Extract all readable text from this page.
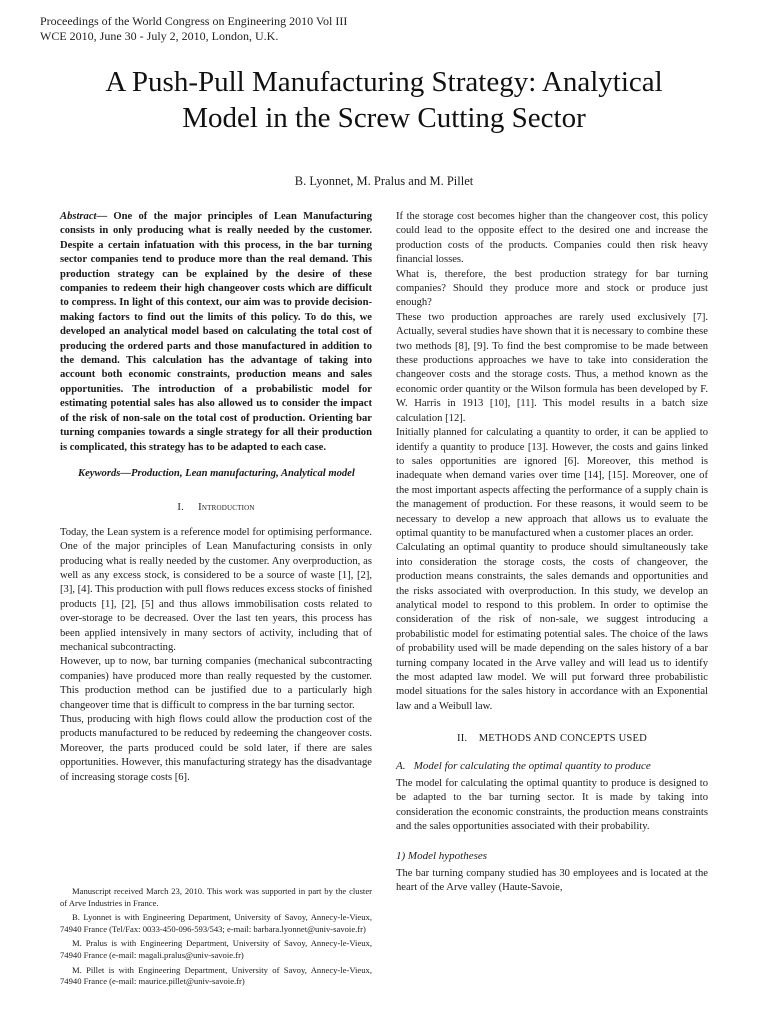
Proceedings of the World Congress on Engineering 2010 Vol III
WCE 2010, June 30 - July 2, 2010, London, U.K.
A Push-Pull Manufacturing Strategy: Analytical
Model in the Screw Cutting Sector
B. Lyonnet, M. Pralus and M. Pillet

Abstract— One of the major principles of Lean Manufacturing consists in only producing what is really needed by the customer. Despite a certain infatuation with this process, in the bar turning sector companies tend to produce more than the real demand. This production strategy can be explained by the desire of these companies to redeem their high changeover costs which are difficult to compress. In light of this context, our aim was to provide decision-making factors to find out the limits of this policy. To do this, we developed an analytical model based on calculating the total cost of producing the ordered parts and those manufactured in addition to the demand. This calculation has the advantage of taking into account both economic constraints, production means and sales opportunities. The introduction of a probabilistic model for estimating potential sales has also allowed us to consider the impact of the risk of non-sale on the total cost of production. Orienting bar turning companies towards a single strategy for all their production is complicated, this strategy has to be adapted to each case.

Keywords—Production, Lean manufacturing, Analytical model

I. Introduction

Today, the Lean system is a reference model for optimising performance. One of the major principles of Lean Manufacturing consists in only producing what is really needed by the customer. Any overproduction, as well as any excess stock, is considered to be a source of waste [1], [2], [3], [4]. This production with pull flows reduces excess stocks of finished products [1], [2], [5] and thus allows immobilisation costs related to over-storage to be decreased. Over the last ten years, this process has been applied intensively in many sectors of activity, including that of mechanical subcontracting.

However, up to now, bar turning companies (mechanical subcontracting companies) have produced more than really requested by the customer. This production method can be justified due to a particularly high changeover time that is difficult to compress in the bar turning sector.

Thus, producing with high flows could allow the production cost of the products manufactured to be reduced by redeeming the changeover costs. Moreover, the parts produced could be sold later, if there are sales opportunities. However, this manufacturing strategy has the disadvantage of increasing storage costs [6].

Manuscript received March 23, 2010. This work was supported in part by the cluster of Arve Industries in France.

B. Lyonnet is with Engineering Department, University of Savoy, Annecy-le-Vieux, 74940 France (Tel/Fax: 0033-450-096-593/543; e-mail: barbara.lyonnet@univ-savoie.fr)

M. Pralus is with Engineering Department, University of Savoy, Annecy-le-Vieux, 74940 France (e-mail: magali.pralus@univ-savoie.fr)

M. Pillet is with Engineering Department, University of Savoy, Annecy-le-Vieux, 74940 France (e-mail: maurice.pillet@univ-savoie.fr)

If the storage cost becomes higher than the changeover cost, this policy could lead to the opposite effect to the desired one and increase the production costs of the products. Companies could then risk heavy financial losses.

What is, therefore, the best production strategy for bar turning companies? Should they produce more and stock or produce just enough?

These two production approaches are rarely used exclusively [7]. Actually, several studies have shown that it is necessary to combine these two methods [8], [9]. To find the best compromise to be made between these productions approaches we have to take into consideration the changeover costs and the storage costs. Thus, a method known as the economic order quantity or the Wilson formula has been developed by F. W. Harris in 1913 [10], [11]. This model results in a batch size calculation [12].

Initially planned for calculating a quantity to order, it can be applied to identify a quantity to produce [13]. However, the costs and gains linked to sales opportunities are ignored [6]. Moreover, this method is inadequate when demand varies over time [14], [15]. Moreover, one of the most important aspects affecting the performance of a supply chain is the management of production. For these reasons, it would seem to be necessary to develop a new approach that allows us to evaluate the optimal quantity to be manufactured when a customer places an order.

Calculating an optimal quantity to produce should simultaneously take into consideration the storage costs, the costs of changeover, the production means constraints, the sales demands and opportunities and the risks associated with overproduction. In this study, we develop an analytical model to respond to this problem. In order to optimise the consideration of the risk of non-sale, we suggest introducing a probabilistic model for estimating potential sales. The choice of the laws of probability used will be made depending on the sales history of a bar turning company located in the Arve valley and will lead us to identify the most adapted law model. We will put forward three probabilistic model situations for the sales history in accordance with an Exponential law and a Weibull law.

II. METHODS AND CONCEPTS USED
A. Model for calculating the optimal quantity to produce

The model for calculating the optimal quantity to produce is designed to be adapted to the bar turning sector. It is made by taking into consideration the economic constraints, the production means constraints and the sales opportunities associated with their probability.

1) Model hypotheses

The bar turning company studied has 30 employees and is located at the heart of the Arve valley (Haute-Savoie,
